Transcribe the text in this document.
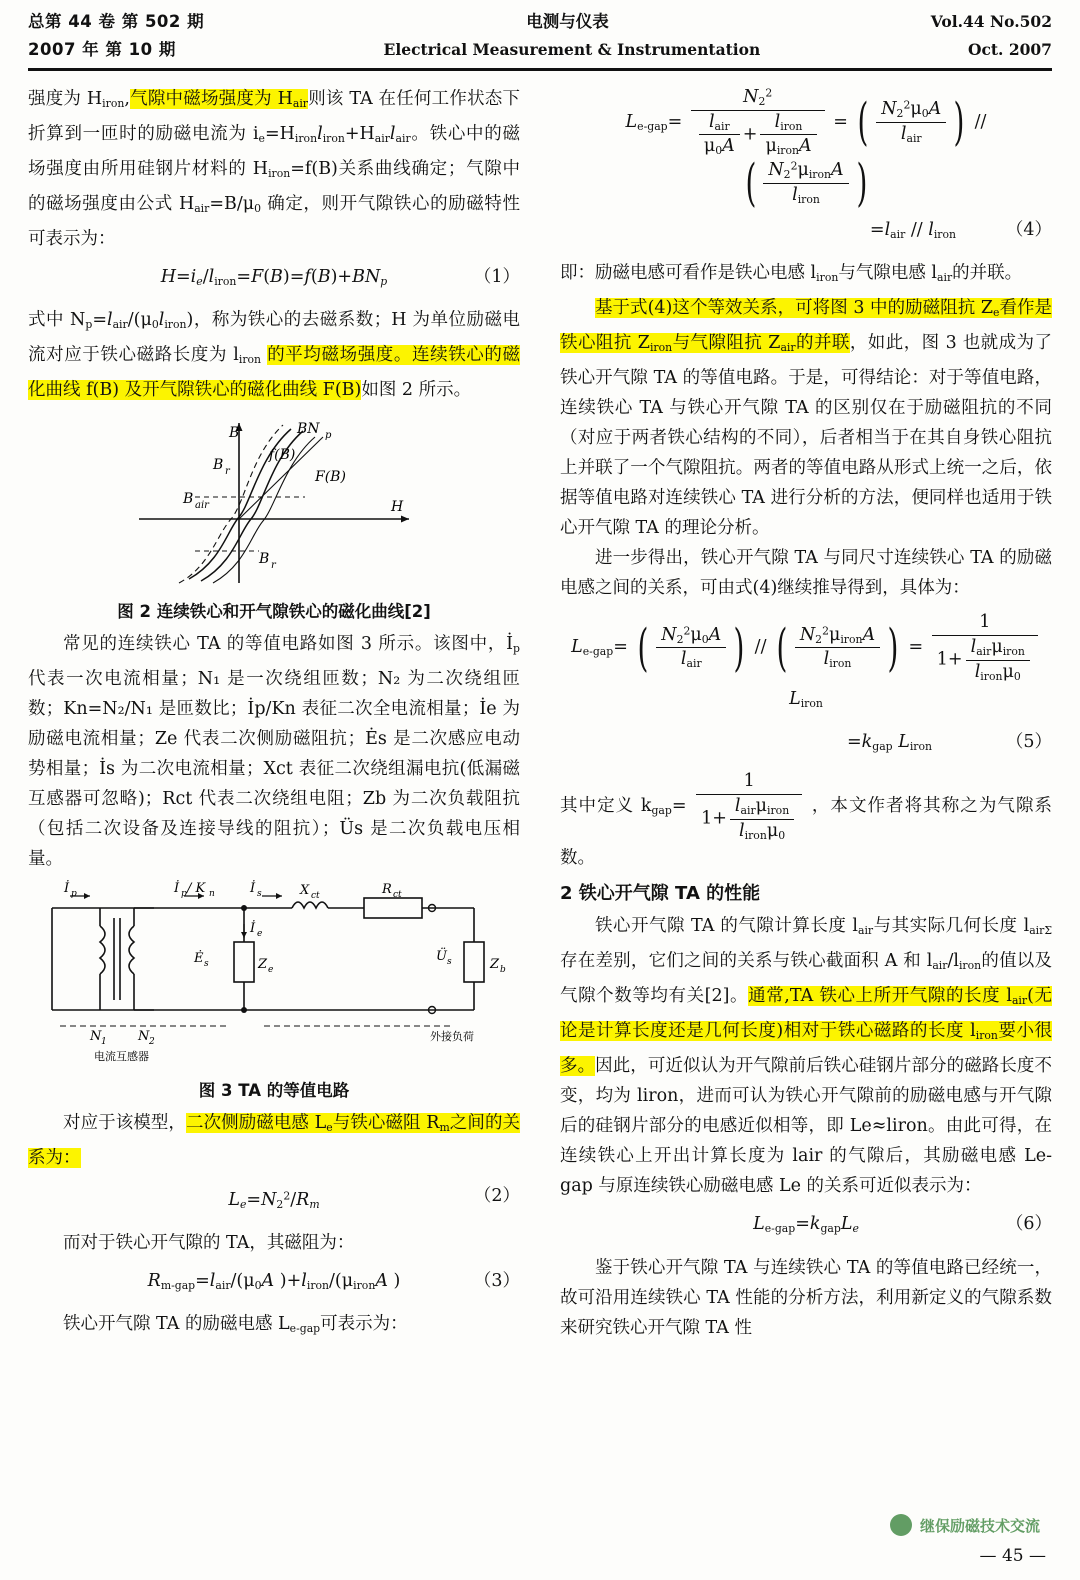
总第 44 卷 第 502 期	电测与仪表	Vol.44 No.502
2007 年 第 10 期	Electrical Measurement & Instrumentation	Oct. 2007

强度为 $H_{iron}$,气隙中磁场强度为 $H_{air}$则该 TA 在任何工作状态下折算到一匝时的励磁电流为 $i_e=H_{iron}l_{iron}+H_{air}l_{air}$。铁心中的磁场强度由所用硅钢片材料的 $H_{iron}=f(B)$关系曲线确定；气隙中的磁场强度由公式 $H_{air}=B/\mu_0$ 确定，则开气隙铁心的励磁特性可表示为：

$H=i_e/l_{iron}=F(B)=f(B)+BN_p$	（1）

式中 $N_p=l_{air}/(\mu_0l_{iron})$，称为铁心的去磁系数；H 为单位励磁电流对应于铁心磁路长度为 $l_{iron}$ 的平均磁场强度。连续铁心的磁化曲线 f(B) 及开气隙铁心的磁化曲线 F(B)如图 2 所示。

B	BN p
f(B)
F(B)
B r
B air	H
B r
图 2 连续铁心和开气隙铁心的磁化曲线[2]

常见的连续铁心 TA 的等值电路如图 3 所示。该图中，$İ_p$ 代表一次电流相量；N₁ 是一次绕组匝数；N₂ 为二次绕组匝数；Kn=N₂/N₁ 是匝数比；İp/Kn 表征二次全电流相量；İe 为励磁电流相量；Ze 代表二次侧励磁阻抗；Ės 是二次感应电动势相量；İs 为二次电流相量；Xct 表征二次绕组漏电抗(低漏磁互感器可忽略)；Rct 代表二次绕组电阻；Zb 为二次负载阻抗（包括二次设备及连接导线的阻抗）；Üs 是二次负载电压相量。

İ p	İ p / K n	İ s	X ct	R ct
İ e
Ė s	Z e
Ü s	Z b
N 1 N 2
电流互感器
外接负荷
图 3 TA 的等值电路

对应于该模型，二次侧励磁电感 $L_e$与铁心磁阻 $R_m$之间的关系为：

$L_e=N_2^2/R_m$	（2）

而对于铁心开气隙的 TA，其磁阻为：

$R_{m-gap}=l_{air}/(\mu_0A$ )$+l_{iron}/(\mu_{iron}A$ )	（3）

铁心开气隙 TA 的励磁电感 $L_{e-gap}$可表示为：

$L_{e-gap}= \frac{N_2^2}{\frac{l_{air}}{\mu_0A} + \frac{l_{iron}}{\mu_{iron}A}}$ = ( $\frac{N_2^2\mu_0A}{l_{air}}$ ) //
( $\frac{N_2^2\mu_{iron}A}{l_{iron}}$ )
$=l_{air} // l_{iron}$	（4）

即：励磁电感可看作是铁心电感 $l_{iron}$与气隙电感 $l_{air}$的并联。

基于式(4)这个等效关系，可将图 3 中的励磁阻抗 $Z_e$看作是铁心阻抗 $Z_{iron}$与气隙阻抗 $Z_{air}$的并联，如此，图 3 也就成为了铁心开气隙 TA 的等值电路。于是，可得结论：对于等值电路，连续铁心 TA 与铁心开气隙 TA 的区别仅在于励磁阻抗的不同（对应于两者铁心结构的不同），后者相当于在其自身铁心阻抗上并联了一个气隙阻抗。两者的等值电路从形式上统一之后，依据等值电路对连续铁心 TA 进行分析的方法，便同样也适用于铁心开气隙 TA 的理论分析。

进一步得出，铁心开气隙 TA 与同尺寸连续铁心 TA 的励磁电感之间的关系，可由式(4)继续推导得到，具体为：

$L_{e-gap}=$ ( $\frac{N_2^2\mu_0A}{l_{air}}$ ) // ( $\frac{N_2^2\mu_{iron}A}{l_{iron}}$ ) = $\frac{1}{1+ \frac{l_{air}\mu_{iron}}{l_{iron}\mu_0}}$
$L_{iron}$
$=k_{gap}$ $L_{iron}$	（5）

其中定义 $k_{gap}= \frac{1}{1+ \frac{l_{air}\mu_{iron}}{l_{iron}\mu_0}}$ ，本文作者将其称之为气隙系数。

2 铁心开气隙 TA 的性能

铁心开气隙 TA 的气隙计算长度 $l_{air}$与其实际几何长度 $l_{air\Sigma}$存在差别，它们之间的关系与铁心截面积 A 和 $l_{air}/l_{iron}$的值以及气隙个数等均有关[2]。通常,TA 铁心上所开气隙的长度 $l_{air}$(无论是计算长度还是几何长度)相对于铁心磁路的长度 $l_{iron}$要小很多。因此，可近似认为开气隙前后铁心硅钢片部分的磁路长度不变，均为 liron，进而可认为铁心开气隙前的励磁电感与开气隙后的硅钢片部分的电感近似相等，即 Le≈liron。由此可得，在连续铁心上开出计算长度为 lair 的气隙后，其励磁电感 Le-gap 与原连续铁心励磁电感 Le 的关系可近似表示为：

$L_{e-gap}=k_{gap}L_e$	（6）

鉴于铁心开气隙 TA 与连续铁心 TA 的等值电路已经统一，故可沿用连续铁心 TA 性能的分析方法，利用新定义的气隙系数来研究铁心开气隙 TA 性

继保励磁技术交流
— 45 —
